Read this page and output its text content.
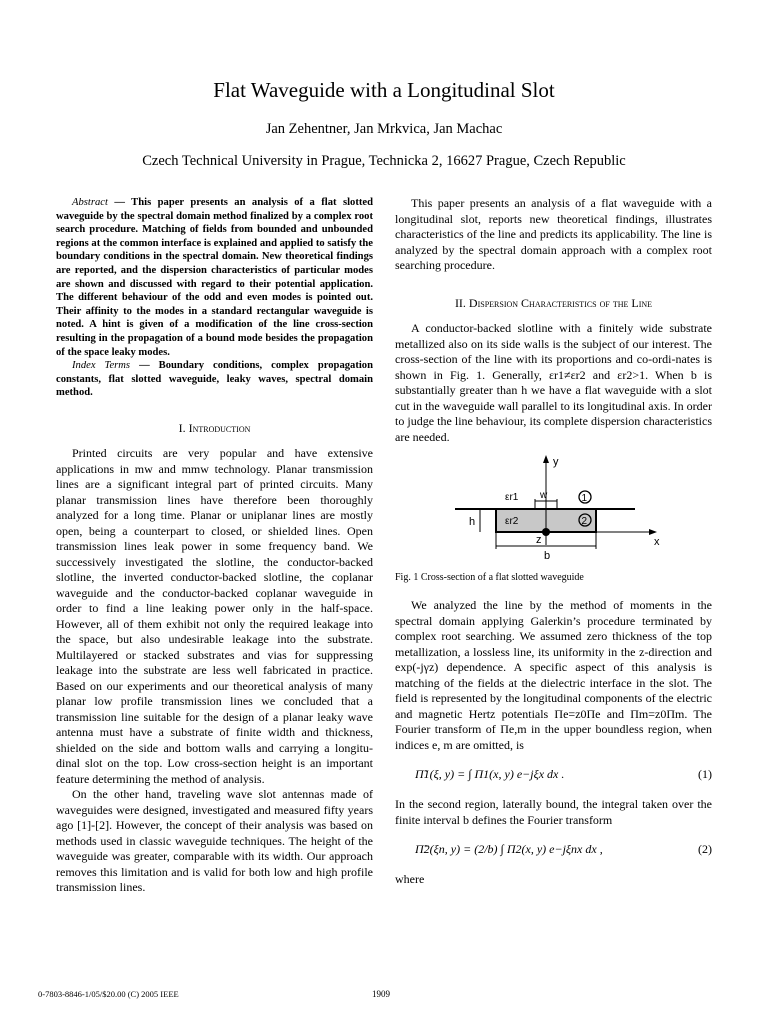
Flat Waveguide with a Longitudinal Slot
Jan Zehentner, Jan Mrkvica, Jan Machac
Czech Technical University in Prague, Technicka 2, 16627 Prague, Czech Republic

Abstract — This paper presents an analysis of a flat slotted waveguide by the spectral domain method finalized by a complex root search procedure. Matching of fields from bounded and unbounded regions at the common interface is explained and applied to satisfy the boundary conditions in the spectral domain. New theoretical findings are reported, and the dispersion characteristics of particular modes are shown and discussed with regard to their potential application. The different behaviour of the odd and even modes is pointed out. Their affinity to the modes in a standard rectangular waveguide is noted. A hint is given of a modification of the line cross-section resulting in the propagation of a bound mode besides the propagation of the space leaky modes.

Index Terms — Boundary conditions, complex propagation constants, flat slotted waveguide, leaky waves, spectral domain method.

I. Introduction

Printed circuits are very popular and have extensive applications in mw and mmw technology. Planar transmission lines are a significant integral part of printed circuits. Many planar transmission lines have therefore been thoroughly analyzed for a long time. Planar or uniplanar lines are mostly open, being a counterpart to closed, or shielded lines. Open transmission lines leak power in some frequency band. We successively investigated the slotline, the conductor-backed slotline, the inverted conductor-backed slotline, the coplanar waveguide and the conductor-backed coplanar waveguide in order to find a line leaking power only in the half-space. However, all of them exhibit not only the required leakage into the space, but also undesirable leakage into the substrate. Multilayered or stacked substrates and vias for suppressing leakage into the substrate are less well fabricated in practice. Based on our experiments and our theoretical analysis of many planar low profile transmission lines we concluded that a transmission line suitable for the design of a planar leaky wave antenna must have a substrate of finite width and thickness, shielded on the side and bottom walls and carrying a longitu-dinal slot on the top. Low cross-section height is an important feature determining the method of analysis.

On the other hand, traveling wave slot antennas made of waveguides were designed, investigated and measured fifty years ago [1]-[2]. However, the concept of their analysis was based on methods used in classic waveguide techniques. The height of the waveguide was greater, comparable with its width. Our approach removes this limitation and is valid for both low and high profile transmission lines.

This paper presents an analysis of a flat waveguide with a longitudinal slot, reports new theoretical findings, illustrates characteristics of the line and predicts its applicability. The line is analyzed by the spectral domain approach with a complex root searching procedure.

II. Dispersion Characteristics of the Line

A conductor-backed slotline with a finitely wide substrate metallized also on its side walls is the subject of our interest. The cross-section of the line with its proportions and co-ordi-nates is shown in Fig. 1. Generally, εr1≠εr2 and εr2>1. When b is substantially greater than h we have a flat waveguide with a slot cut in the waveguide wall parallel to its longitudinal axis. In order to judge the line behaviour, its complete dispersion characteristics are needed.

y
x
z
w
h
b
εr1
εr2
1
2

Fig. 1 Cross-section of a flat slotted waveguide

We analyzed the line by the method of moments in the spectral domain applying Galerkin’s procedure terminated by complex root searching. We assumed zero thickness of the top metallization, a lossless line, its uniformity in the z-direction and exp(-jγz) dependence. A specific aspect of this analysis is matching of the fields at the dielectric interface in the slot. The field is represented by the longitudinal components of the electric and magnetic Hertz potentials Πe=z0Πe and Πm=z0Πm. The Fourier transform of Πe,m in the upper boundless region, when indices e, m are omitted, is

Π̃1(ξ, y) = ∫ Π1(x, y) e−jξx dx .	(1)

In the second region, laterally bound, the integral taken over the finite interval b defines the Fourier transform

Π̃2(ξn, y) = (2/b) ∫ Π2(x, y) e−jξnx dx ,	(2)

where

0-7803-8846-1/05/$20.00 (C) 2005 IEEE	1909
